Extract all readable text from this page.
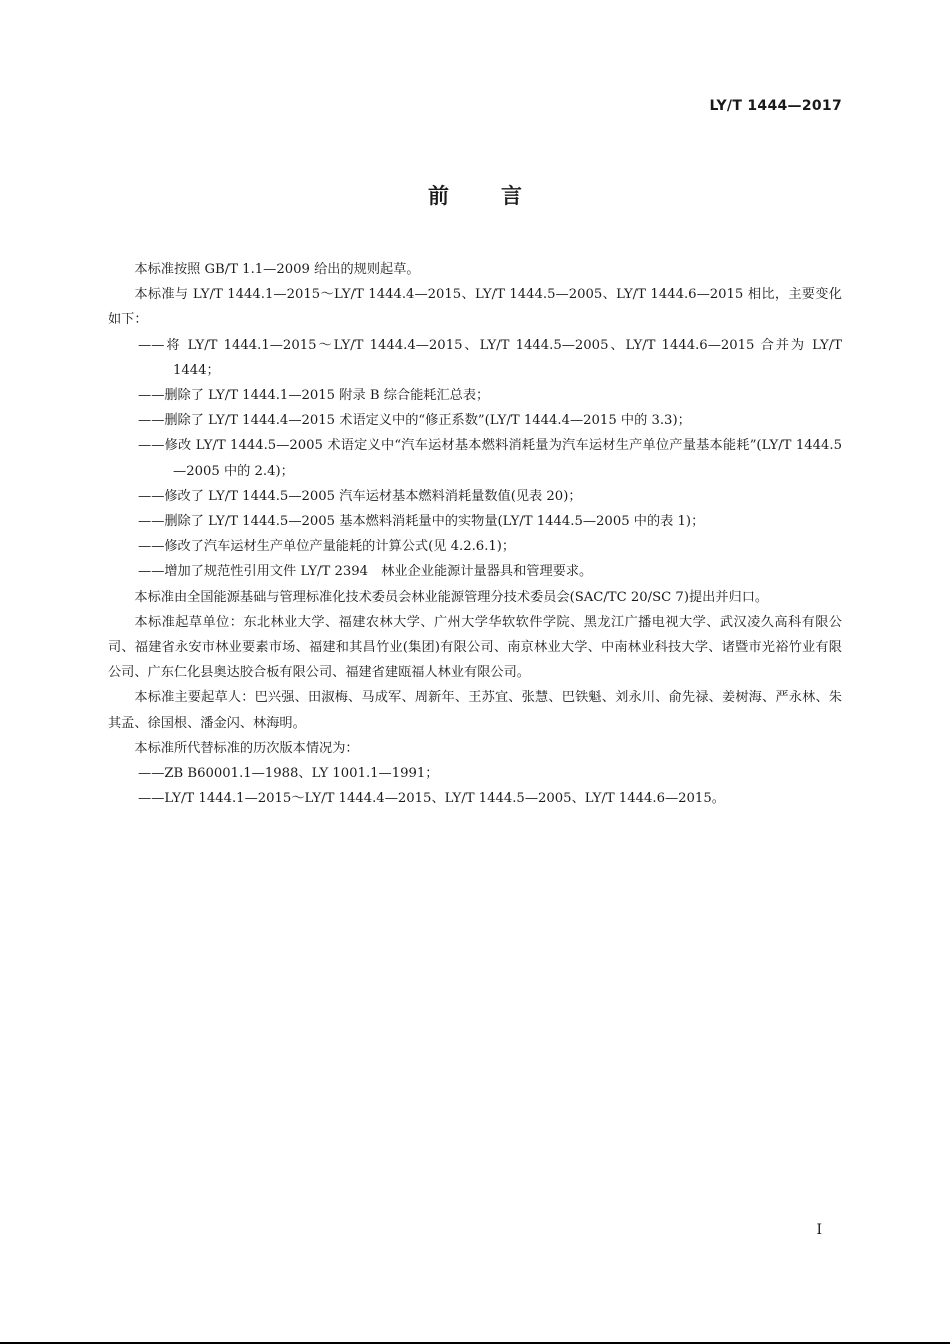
LY/T 1444—2017
前 言

本标准按照 GB/T 1.1—2009 给出的规则起草。

本标准与 LY/T 1444.1—2015～LY/T 1444.4—2015、LY/T 1444.5—2005、LY/T 1444.6—2015 相比，主要变化如下：

——将 LY/T 1444.1—2015～LY/T 1444.4—2015、LY/T 1444.5—2005、LY/T 1444.6—2015 合并为 LY/T 1444；

——删除了 LY/T 1444.1—2015 附录 B 综合能耗汇总表；

——删除了 LY/T 1444.4—2015 术语定义中的“修正系数”(LY/T 1444.4—2015 中的 3.3)；

——修改 LY/T 1444.5—2005 术语定义中“汽车运材基本燃料消耗量为汽车运材生产单位产量基本能耗”(LY/T 1444.5—2005 中的 2.4)；

——修改了 LY/T 1444.5—2005 汽车运材基本燃料消耗量数值(见表 20)；

——删除了 LY/T 1444.5—2005 基本燃料消耗量中的实物量(LY/T 1444.5—2005 中的表 1)；

——修改了汽车运材生产单位产量能耗的计算公式(见 4.2.6.1)；

——增加了规范性引用文件 LY/T 2394　林业企业能源计量器具和管理要求。

本标准由全国能源基础与管理标准化技术委员会林业能源管理分技术委员会(SAC/TC 20/SC 7)提出并归口。

本标准起草单位：东北林业大学、福建农林大学、广州大学华软软件学院、黑龙江广播电视大学、武汉凌久高科有限公司、福建省永安市林业要素市场、福建和其昌竹业(集团)有限公司、南京林业大学、中南林业科技大学、诸暨市光裕竹业有限公司、广东仁化县奥达胶合板有限公司、福建省建瓯福人林业有限公司。

本标准主要起草人：巴兴强、田淑梅、马成军、周新年、王苏宜、张慧、巴铁魁、刘永川、俞先禄、姜树海、严永林、朱其孟、徐国根、潘金闪、林海明。

本标准所代替标准的历次版本情况为：

——ZB B60001.1—1988、LY 1001.1—1991；

——LY/T 1444.1—2015～LY/T 1444.4—2015、LY/T 1444.5—2005、LY/T 1444.6—2015。

I
